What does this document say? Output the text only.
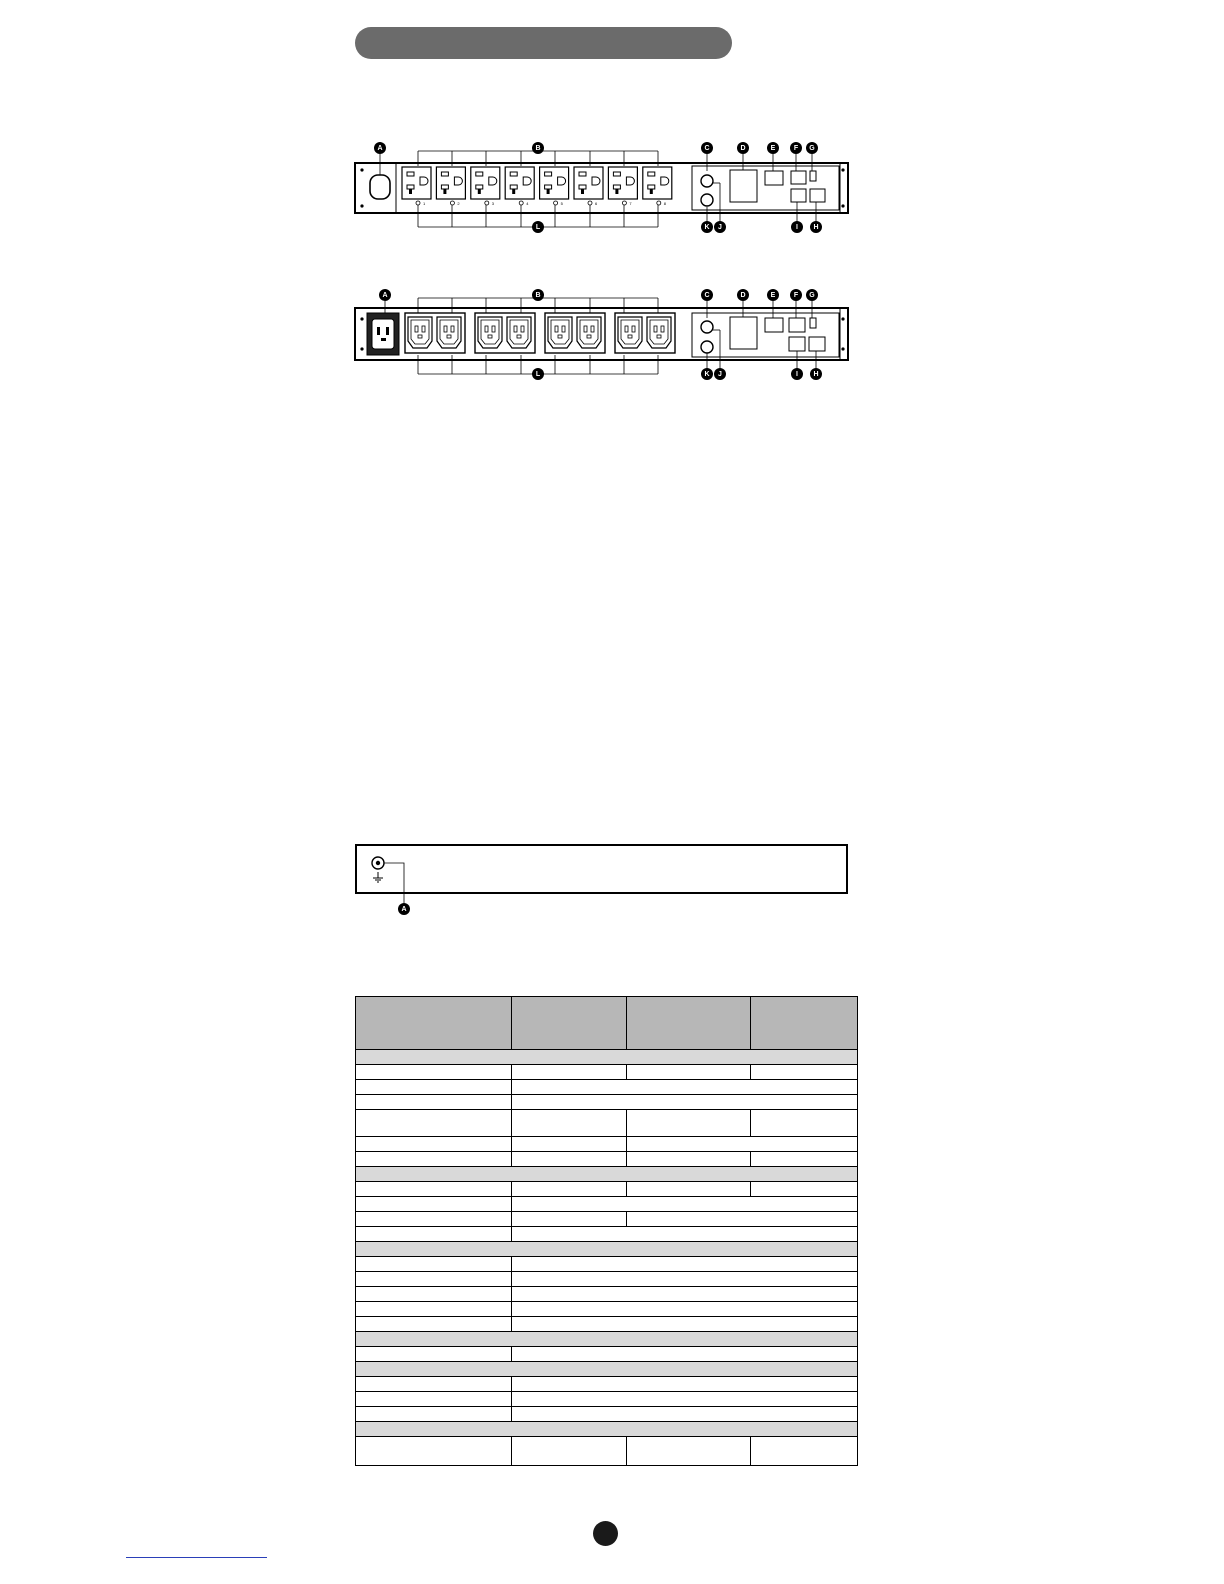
1	2	3	4	5	6	7	8
A	B	C	D	E	F G
H
I
J
K
L
A	B	C	D	E	F G
H
I
J
K
L
A
